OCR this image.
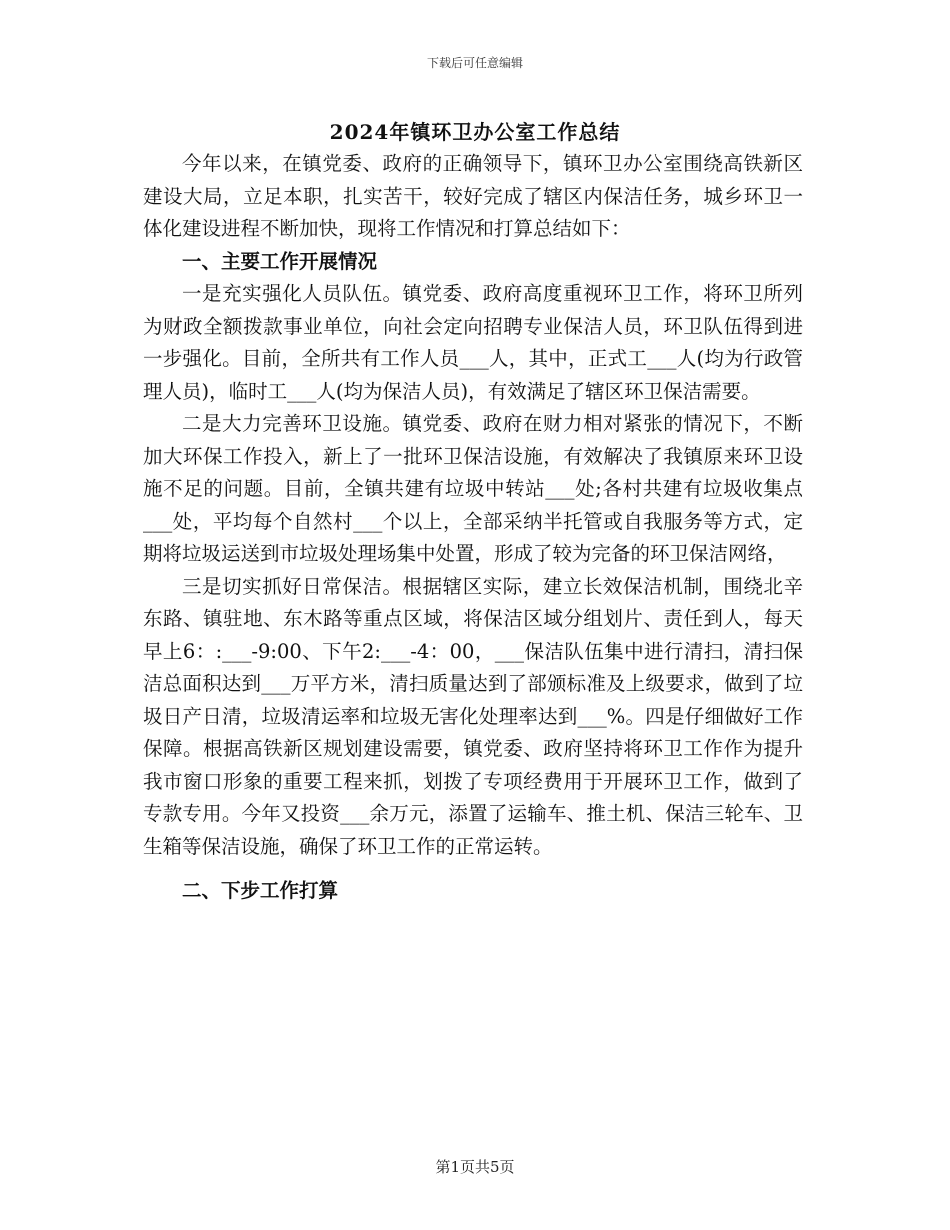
下载后可任意编辑
2024年镇环卫办公室工作总结

今年以来，在镇党委、政府的正确领导下，镇环卫办公室围绕高铁新区建设大局，立足本职，扎实苦干，较好完成了辖区内保洁任务，城乡环卫一体化建设进程不断加快，现将工作情况和打算总结如下：

一、主要工作开展情况

一是充实强化人员队伍。镇党委、政府高度重视环卫工作，将环卫所列为财政全额拨款事业单位，向社会定向招聘专业保洁人员，环卫队伍得到进一步强化。目前，全所共有工作人员___人，其中，正式工___人(均为行政管理人员)，临时工___人(均为保洁人员)，有效满足了辖区环卫保洁需要。

二是大力完善环卫设施。镇党委、政府在财力相对紧张的情况下，不断加大环保工作投入，新上了一批环卫保洁设施，有效解决了我镇原来环卫设施不足的问题。目前，全镇共建有垃圾中转站___处;各村共建有垃圾收集点___处，平均每个自然村___个以上，全部采纳半托管或自我服务等方式，定期将垃圾运送到市垃圾处理场集中处置，形成了较为完备的环卫保洁网络，

三是切实抓好日常保洁。根据辖区实际，建立长效保洁机制，围绕北辛东路、镇驻地、东木路等重点区域，将保洁区域分组划片、责任到人，每天早上6：:___-9:00、下午2:___-4：00，___保洁队伍集中进行清扫，清扫保洁总面积达到___万平方米，清扫质量达到了部颁标准及上级要求，做到了垃圾日产日清，垃圾清运率和垃圾无害化处理率达到___%。四是仔细做好工作保障。根据高铁新区规划建设需要，镇党委、政府坚持将环卫工作作为提升我市窗口形象的重要工程来抓，划拨了专项经费用于开展环卫工作，做到了专款专用。今年又投资___余万元，添置了运输车、推土机、保洁三轮车、卫生箱等保洁设施，确保了环卫工作的正常运转。

二、下步工作打算

第1页共5页
